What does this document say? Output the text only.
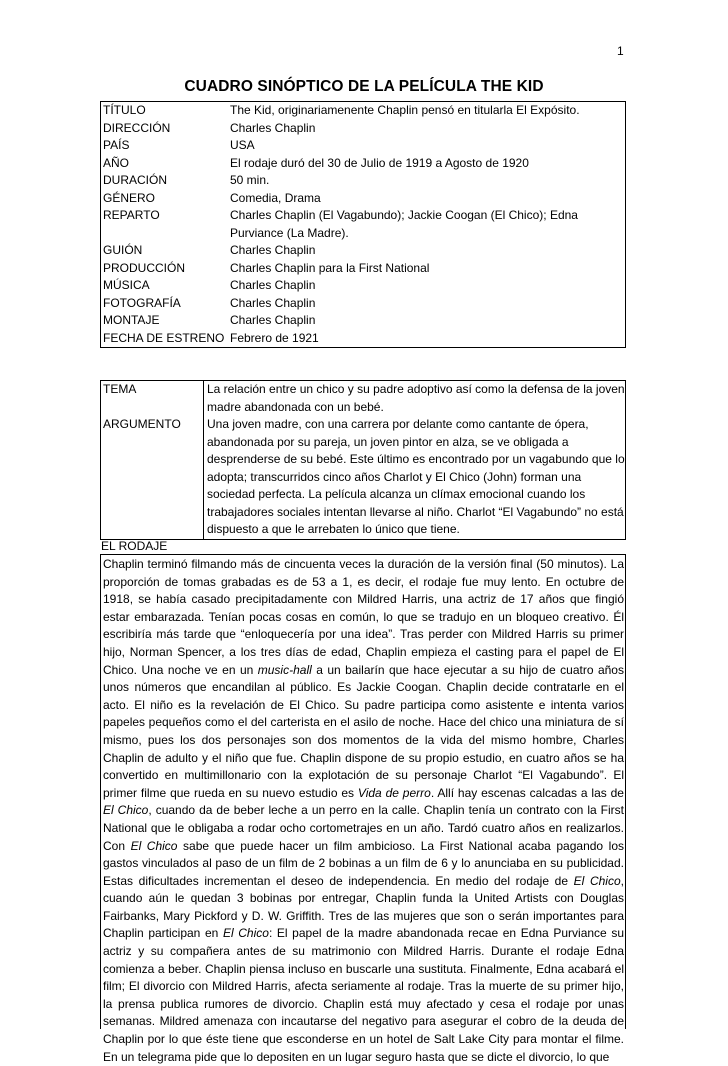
1
CUADRO SINÓPTICO DE LA PELÍCULA THE KID
TÍTULO	The Kid, originariamenente Chaplin pensó en titularla El Expósito.
DIRECCIÓN	Charles Chaplin
PAÍS	USA
AÑO	El rodaje duró del 30 de Julio de 1919 a Agosto de 1920
DURACIÓN	50 min.
GÉNERO	Comedia, Drama
REPARTO	Charles Chaplin (El Vagabundo); Jackie Coogan (El Chico); Edna Purviance (La Madre).
GUIÓN	Charles Chaplin
PRODUCCIÓN	Charles Chaplin para la First National
MÚSICA	Charles Chaplin
FOTOGRAFÍA	Charles Chaplin
MONTAJE	Charles Chaplin
FECHA DE ESTRENO	Febrero de 1921
TEMA	La relación entre un chico y su padre adoptivo así como la defensa de la joven madre abandonada con un bebé.
ARGUMENTO	Una joven madre, con una carrera por delante como cantante de ópera, abandonada por su pareja, un joven pintor en alza, se ve obligada a desprenderse de su bebé. Este último es encontrado por un vagabundo que lo adopta; transcurridos cinco años Charlot y El Chico (John) forman una sociedad perfecta. La película alcanza un clímax emocional cuando los trabajadores sociales intentan llevarse al niño. Charlot “El Vagabundo” no está dispuesto a que le arrebaten lo único que tiene.
EL RODAJE
Chaplin terminó filmando más de cincuenta veces la duración de la versión final (50 minutos). La proporción de tomas grabadas es de 53 a 1, es decir, el rodaje fue muy lento. En octubre de 1918, se había casado precipitadamente con Mildred Harris, una actriz de 17 años que fingió estar embarazada. Tenían pocas cosas en común, lo que se tradujo en un bloqueo creativo. Él escribiría más tarde que “enloquecería por una idea”. Tras perder con Mildred Harris su primer hijo, Norman Spencer, a los tres días de edad, Chaplin empieza el casting para el papel de El Chico. Una noche ve en un music-hall a un bailarín que hace ejecutar a su hijo de cuatro años unos números que encandilan al público. Es Jackie Coogan. Chaplin decide contratarle en el acto. El niño es la revelación de El Chico. Su padre participa como asistente e intenta varios papeles pequeños como el del carterista en el asilo de noche. Hace del chico una miniatura de sí mismo, pues los dos personajes son dos momentos de la vida del mismo hombre, Charles Chaplin de adulto y el niño que fue. Chaplin dispone de su propio estudio, en cuatro años se ha convertido en multimillonario con la explotación de su personaje Charlot “El Vagabundo”. El primer filme que rueda en su nuevo estudio es Vida de perro. Allí hay escenas calcadas a las de El Chico, cuando da de beber leche a un perro en la calle. Chaplin tenía un contrato con la First National que le obligaba a rodar ocho cortometrajes en un año. Tardó cuatro años en realizarlos. Con El Chico sabe que puede hacer un film ambicioso. La First National acaba pagando los gastos vinculados al paso de un film de 2 bobinas a un film de 6 y lo anunciaba en su publicidad. Estas dificultades incrementan el deseo de independencia. En medio del rodaje de El Chico, cuando aún le quedan 3 bobinas por entregar, Chaplin funda la United Artists con Douglas Fairbanks, Mary Pickford y D. W. Griffith. Tres de las mujeres que son o serán importantes para Chaplin participan en El Chico: El papel de la madre abandonada recae en Edna Purviance su actriz y su compañera antes de su matrimonio con Mildred Harris. Durante el rodaje Edna comienza a beber. Chaplin piensa incluso en buscarle una sustituta. Finalmente, Edna acabará el film; El divorcio con Mildred Harris, afecta seriamente al rodaje. Tras la muerte de su primer hijo, la prensa publica rumores de divorcio. Chaplin está muy afectado y cesa el rodaje por unas semanas. Mildred amenaza con incautarse del negativo para asegurar el cobro de la deuda de Chaplin por lo que éste tiene que esconderse en un hotel de Salt Lake City para montar el filme. En un telegrama pide que lo depositen en un lugar seguro hasta que se dicte el divorcio, lo que
